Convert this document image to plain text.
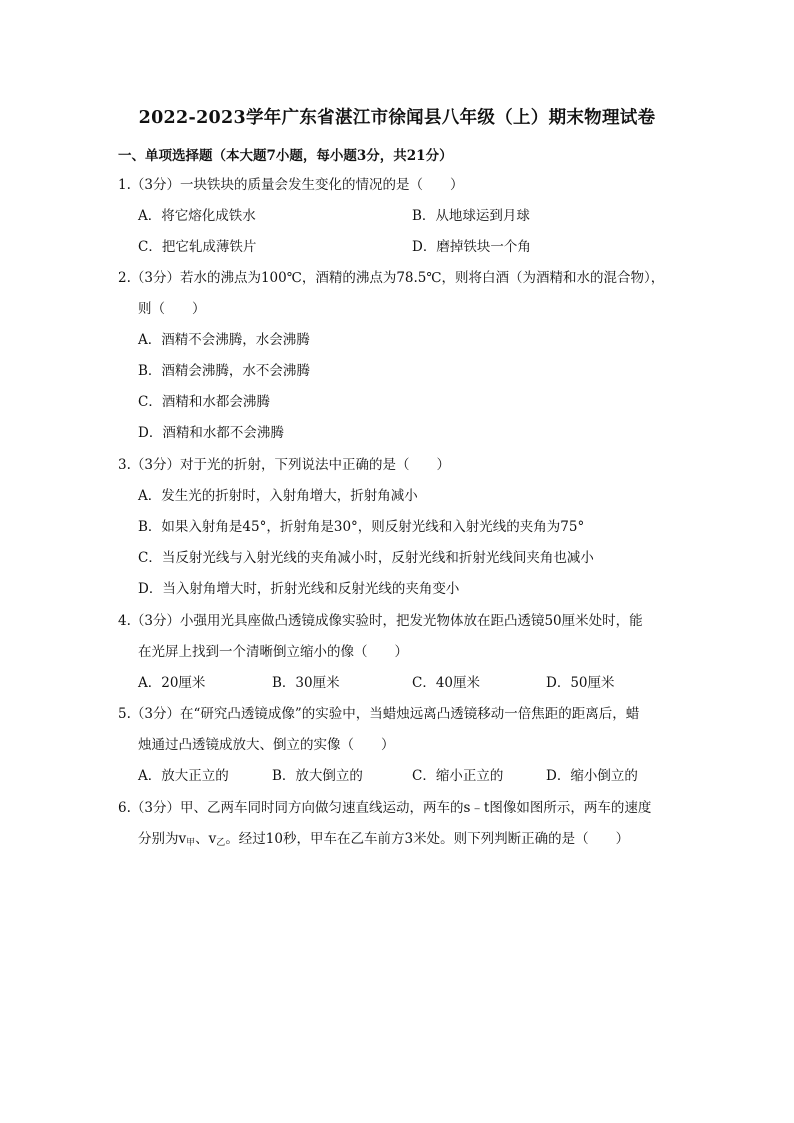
2022-2023学年广东省湛江市徐闻县八年级（上）期末物理试卷
一、单项选择题（本大题7小题，每小题3分，共21分）
1.（3分）一块铁块的质量会发生变化的情况的是（　　）
A．将它熔化成铁水	B．从地球运到月球
C．把它轧成薄铁片	D．磨掉铁块一个角
2.（3分）若水的沸点为100℃，酒精的沸点为78.5℃，则将白酒（为酒精和水的混合物），
则（　　）
A．酒精不会沸腾，水会沸腾
B．酒精会沸腾，水不会沸腾
C．酒精和水都会沸腾
D．酒精和水都不会沸腾
3.（3分）对于光的折射，下列说法中正确的是（　　）
A．发生光的折射时，入射角增大，折射角减小
B．如果入射角是45°，折射角是30°，则反射光线和入射光线的夹角为75°
C．当反射光线与入射光线的夹角减小时，反射光线和折射光线间夹角也减小
D．当入射角增大时，折射光线和反射光线的夹角变小
4.（3分）小强用光具座做凸透镜成像实验时，把发光物体放在距凸透镜50厘米处时，能
在光屏上找到一个清晰倒立缩小的像（　　）
A．20厘米	B．30厘米	C．40厘米	D．50厘米
5.（3分）在“研究凸透镜成像”的实验中，当蜡烛远离凸透镜移动一倍焦距的距离后，蜡
烛通过凸透镜成放大、倒立的实像（　　）
A．放大正立的	B．放大倒立的	C．缩小正立的	D．缩小倒立的
6.（3分）甲、乙两车同时同方向做匀速直线运动，两车的s﹣t图像如图所示，两车的速度
分别为$v_甲$、$v_乙$。经过10秒，甲车在乙车前方3米处。则下列判断正确的是（　　）
